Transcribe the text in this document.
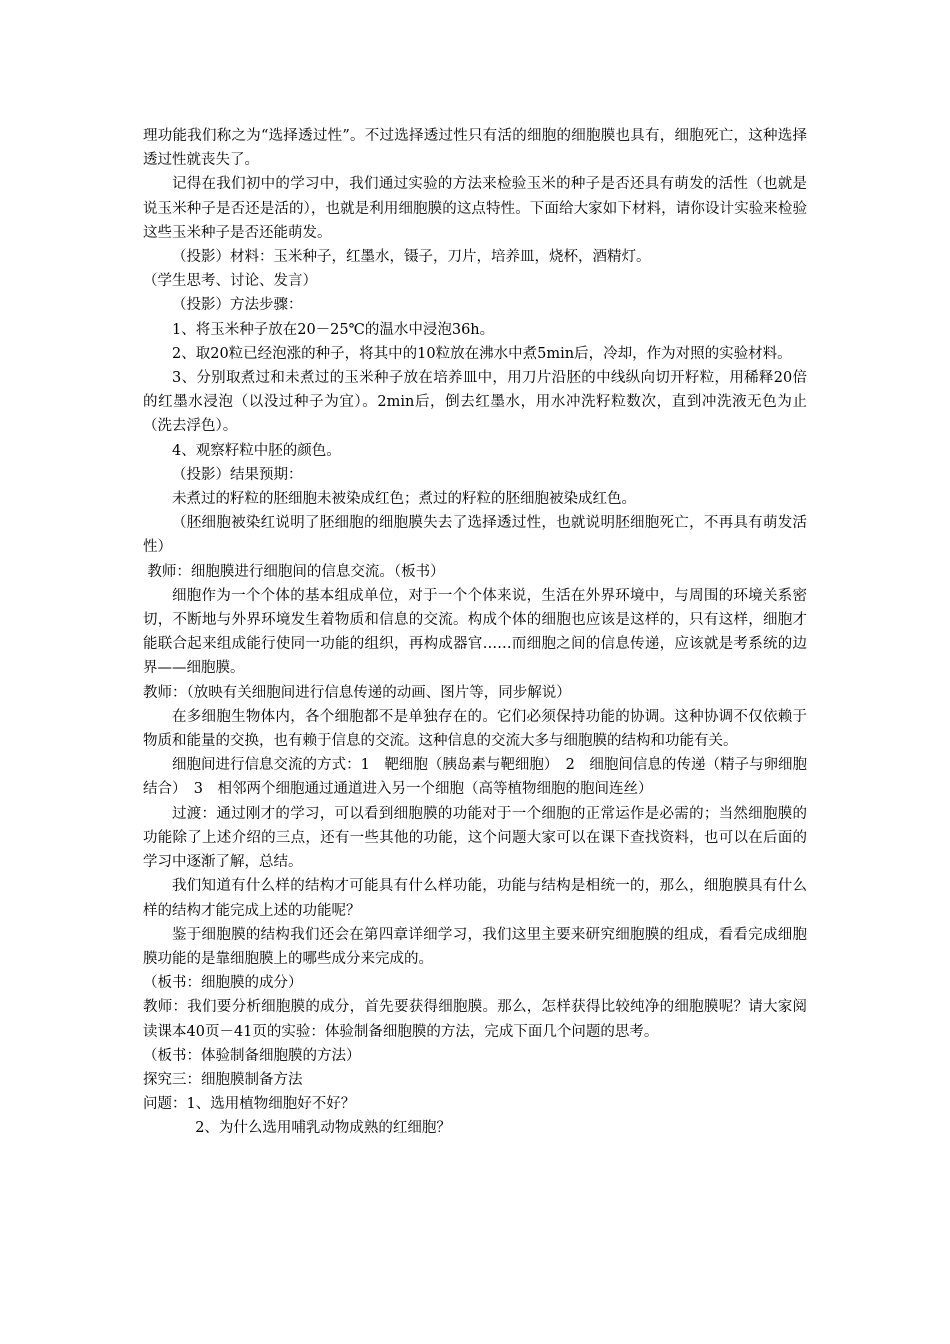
理功能我们称之为“选择透过性”。不过选择透过性只有活的细胞的细胞膜也具有，细胞死亡，这种选择透过性就丧失了。

记得在我们初中的学习中，我们通过实验的方法来检验玉米的种子是否还具有萌发的活性（也就是说玉米种子是否还是活的），也就是利用细胞膜的这点特性。下面给大家如下材料，请你设计实验来检验这些玉米种子是否还能萌发。

（投影）材料：玉米种子，红墨水，镊子，刀片，培养皿，烧杯，酒精灯。

（学生思考、讨论、发言）

（投影）方法步骤：

1、将玉米种子放在20－25℃的温水中浸泡36h。

2、取20粒已经泡涨的种子，将其中的10粒放在沸水中煮5min后，冷却，作为对照的实验材料。

3、分别取煮过和未煮过的玉米种子放在培养皿中，用刀片沿胚的中线纵向切开籽粒，用稀释20倍的红墨水浸泡（以没过种子为宜）。2min后，倒去红墨水，用水冲洗籽粒数次，直到冲洗液无色为止（洗去浮色）。

4、观察籽粒中胚的颜色。

（投影）结果预期：

未煮过的籽粒的胚细胞未被染成红色；煮过的籽粒的胚细胞被染成红色。

（胚细胞被染红说明了胚细胞的细胞膜失去了选择透过性，也就说明胚细胞死亡，不再具有萌发活性）

教师：细胞膜进行细胞间的信息交流。（板书）

细胞作为一个个体的基本组成单位，对于一个个体来说，生活在外界环境中，与周围的环境关系密切，不断地与外界环境发生着物质和信息的交流。构成个体的细胞也应该是这样的，只有这样，细胞才能联合起来组成能行使同一功能的组织，再构成器官……而细胞之间的信息传递，应该就是考系统的边界——细胞膜。

教师：（放映有关细胞间进行信息传递的动画、图片等，同步解说）

在多细胞生物体内，各个细胞都不是单独存在的。它们必须保持功能的协调。这种协调不仅依赖于物质和能量的交换，也有赖于信息的交流。这种信息的交流大多与细胞膜的结构和功能有关。

细胞间进行信息交流的方式：1　靶细胞（胰岛素与靶细胞）　2　细胞间信息的传递（精子与卵细胞结合）　3　相邻两个细胞通过通道进入另一个细胞（高等植物细胞的胞间连丝）

过渡：通过刚才的学习，可以看到细胞膜的功能对于一个细胞的正常运作是必需的；当然细胞膜的功能除了上述介绍的三点，还有一些其他的功能，这个问题大家可以在课下查找资料，也可以在后面的学习中逐渐了解，总结。

我们知道有什么样的结构才可能具有什么样功能，功能与结构是相统一的，那么，细胞膜具有什么样的结构才能完成上述的功能呢？

鉴于细胞膜的结构我们还会在第四章详细学习，我们这里主要来研究细胞膜的组成，看看完成细胞膜功能的是靠细胞膜上的哪些成分来完成的。

（板书：细胞膜的成分）

教师：我们要分析细胞膜的成分，首先要获得细胞膜。那么，怎样获得比较纯净的细胞膜呢？请大家阅读课本40页－41页的实验：体验制备细胞膜的方法，完成下面几个问题的思考。

（板书：体验制备细胞膜的方法）

探究三：细胞膜制备方法

问题：1、选用植物细胞好不好？

2、为什么选用哺乳动物成熟的红细胞？
